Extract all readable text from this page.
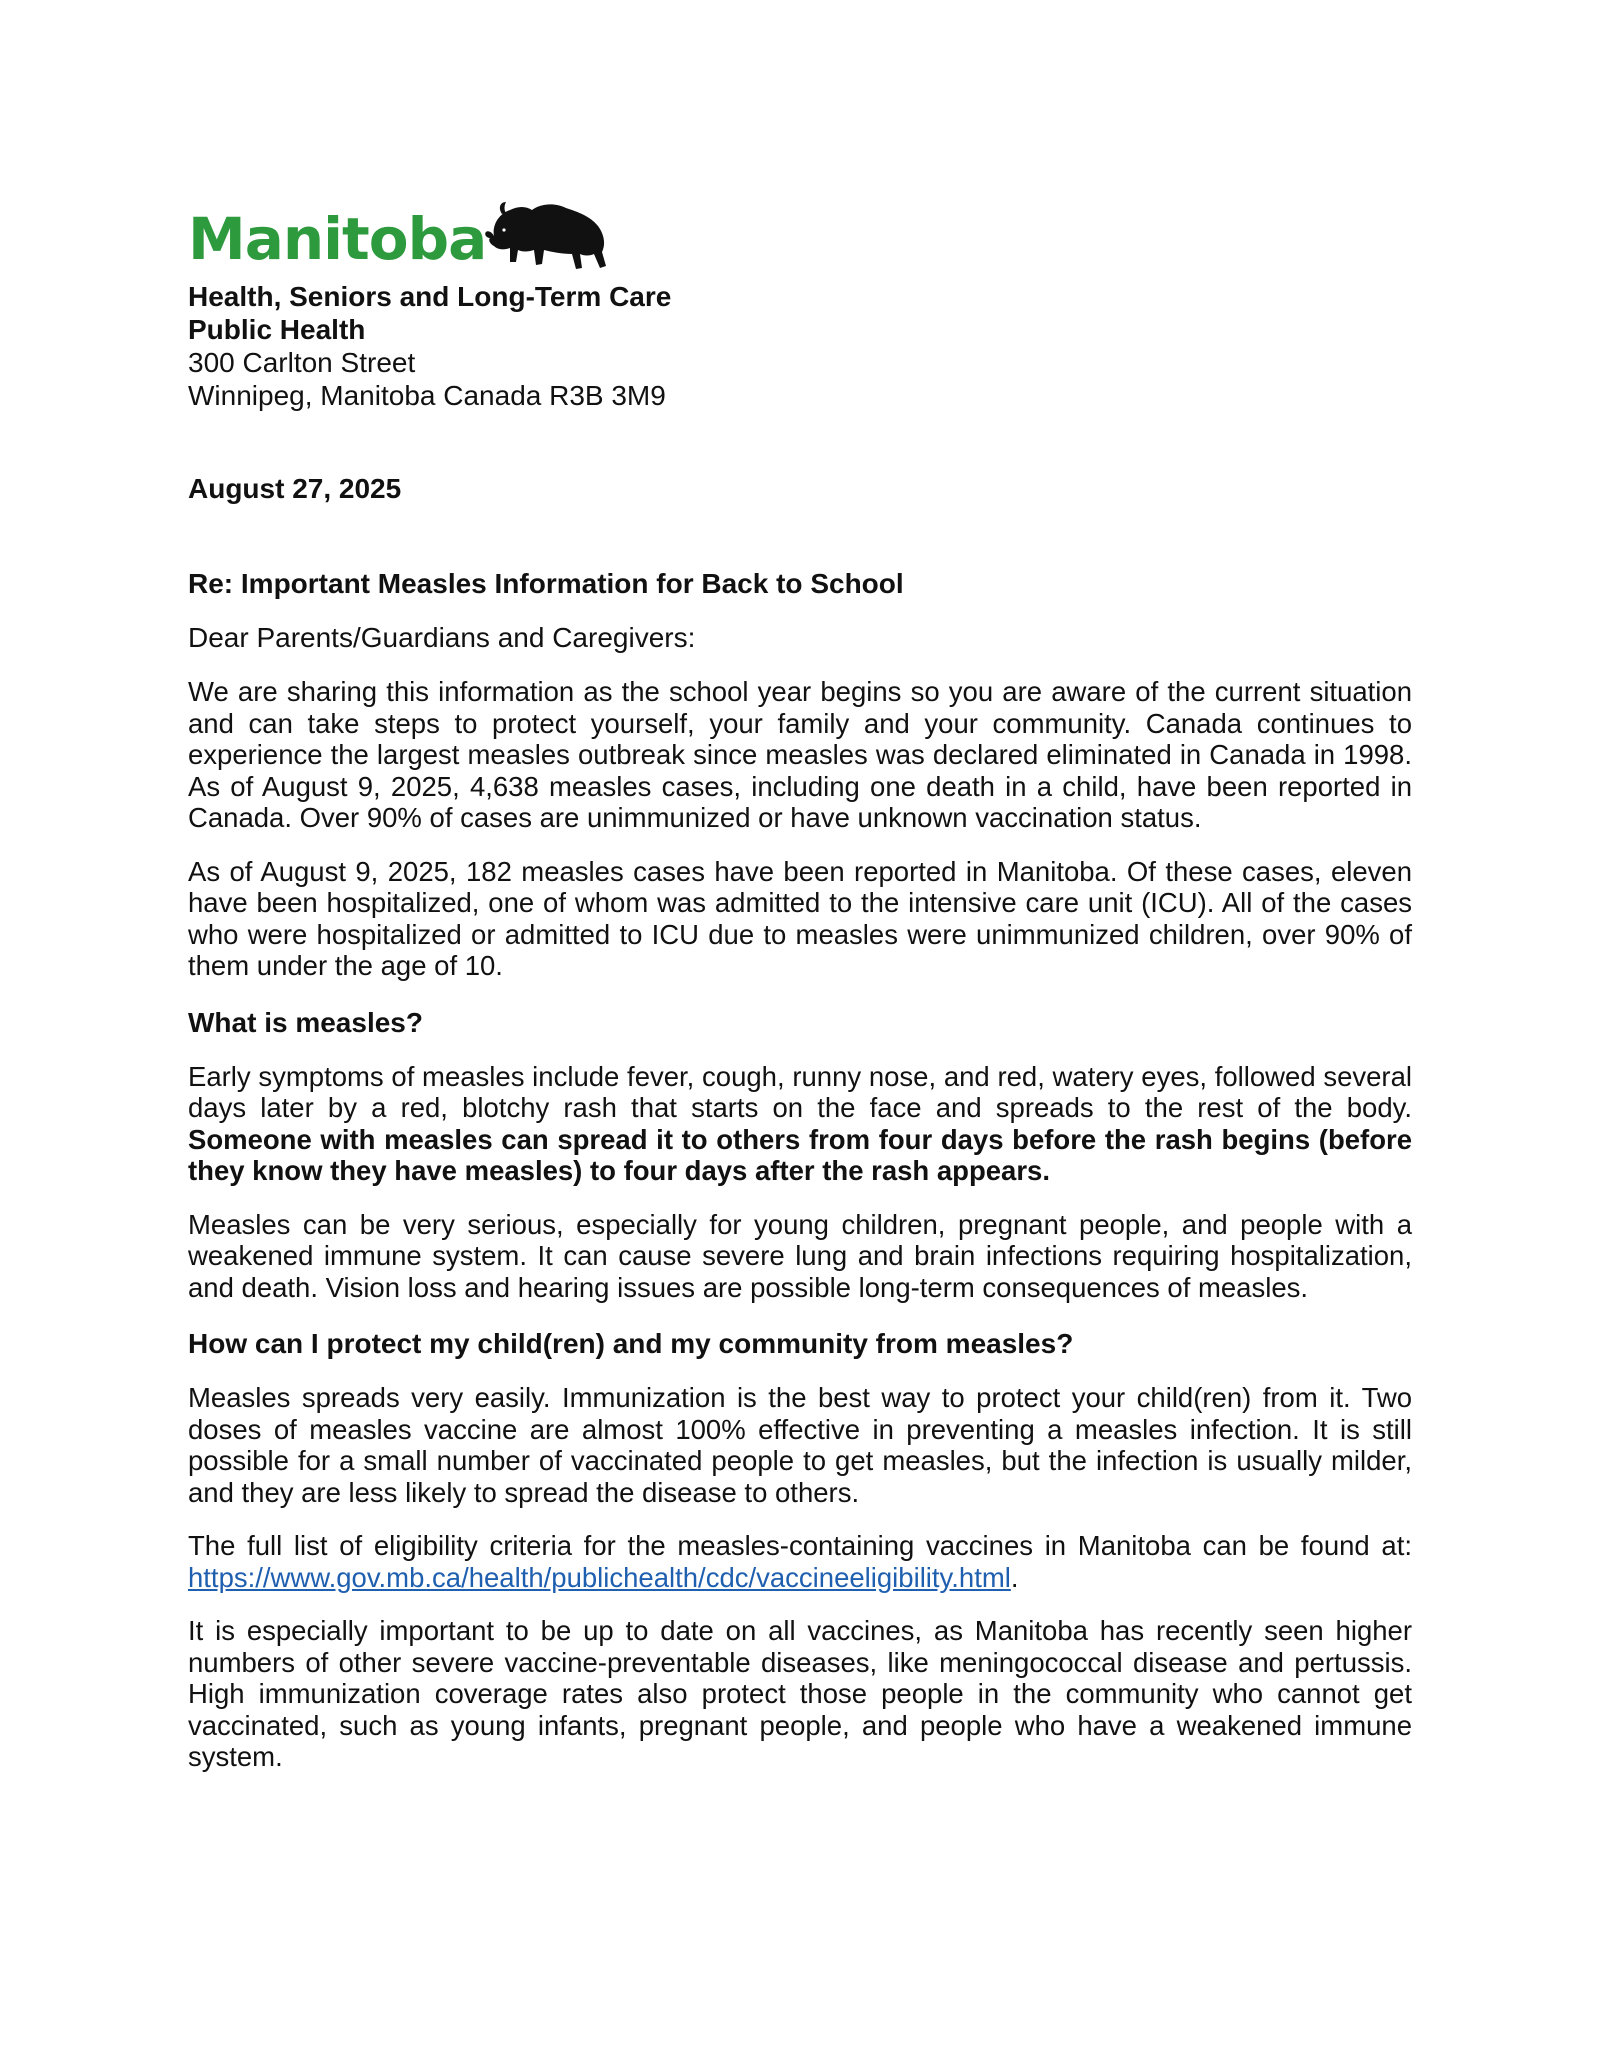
Manitoba
Health, Seniors and Long-Term Care
Public Health
300 Carlton Street
Winnipeg, Manitoba Canada R3B 3M9
August 27, 2025
Re: Important Measles Information for Back to School
Dear Parents/Guardians and Caregivers:

We are sharing this information as the school year begins so you are aware of the current situation and can take steps to protect yourself, your family and your community. Canada continues to experience the largest measles outbreak since measles was declared eliminated in Canada in 1998. As of August 9, 2025, 4,638 measles cases, including one death in a child, have been reported in Canada. Over 90% of cases are unimmunized or have unknown vaccination status.

As of August 9, 2025, 182 measles cases have been reported in Manitoba. Of these cases, eleven have been hospitalized, one of whom was admitted to the intensive care unit (ICU). All of the cases who were hospitalized or admitted to ICU due to measles were unimmunized children, over 90% of them under the age of 10.

What is measles?

Early symptoms of measles include fever, cough, runny nose, and red, watery eyes, followed several days later by a red, blotchy rash that starts on the face and spreads to the rest of the body. Someone with measles can spread it to others from four days before the rash begins (before they know they have measles) to four days after the rash appears.

Measles can be very serious, especially for young children, pregnant people, and people with a weakened immune system. It can cause severe lung and brain infections requiring hospitalization, and death. Vision loss and hearing issues are possible long-term consequences of measles.

How can I protect my child(ren) and my community from measles?

Measles spreads very easily. Immunization is the best way to protect your child(ren) from it. Two doses of measles vaccine are almost 100% effective in preventing a measles infection. It is still possible for a small number of vaccinated people to get measles, but the infection is usually milder, and they are less likely to spread the disease to others.

The full list of eligibility criteria for the measles-containing vaccines in Manitoba can be found at: https://www.gov.mb.ca/health/publichealth/cdc/vaccineeligibility.html.

It is especially important to be up to date on all vaccines, as Manitoba has recently seen higher numbers of other severe vaccine-preventable diseases, like meningococcal disease and pertussis. High immunization coverage rates also protect those people in the community who cannot get vaccinated, such as young infants, pregnant people, and people who have a weakened immune system.
